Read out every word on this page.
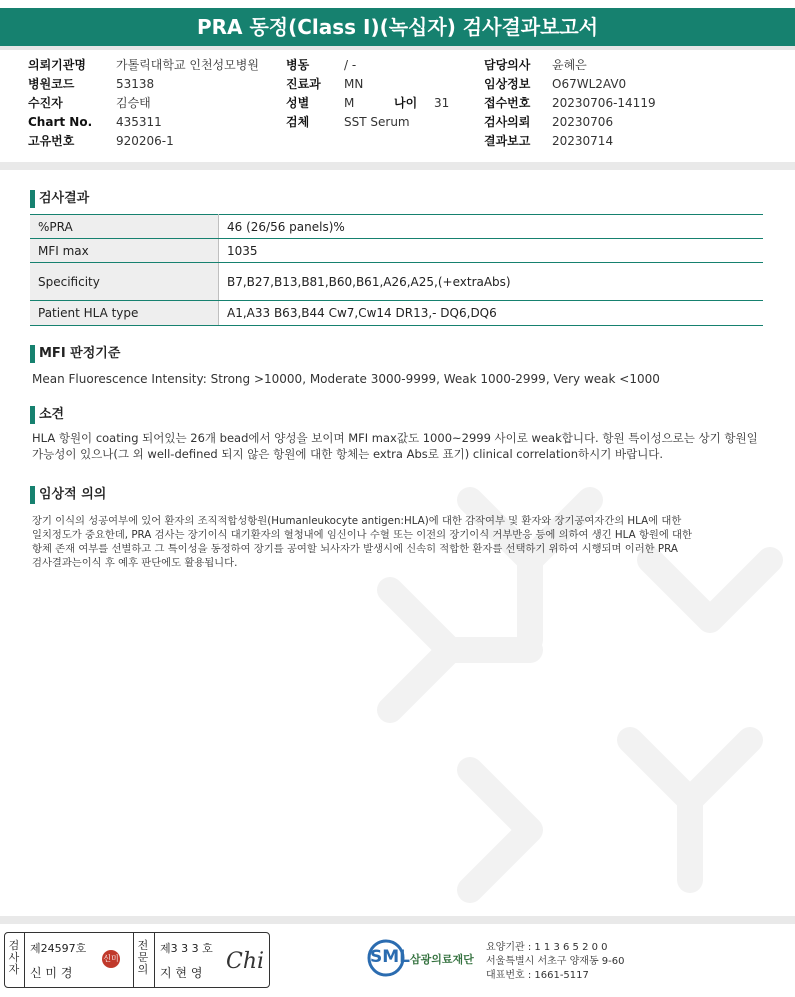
PRA 동정(Class I)(녹십자) 검사결과보고서
의뢰기관명	가톨릭대학교 인천성모병원
병원코드	53138
수진자	김승태
Chart No. 435311
고유번호	920206-1
병동	/ -
진료과 MN
성별	M	나이 31
검체	SST Serum
담당의사 윤혜은
임상정보 O67WL2AV0
접수번호 20230706-14119
검사의뢰 20230706
결과보고 20230714
검사결과
%PRA	46 (26/56 panels)%
MFI max	1035
Specificity	B7,B27,B13,B81,B60,B61,A26,A25,(+extraAbs)
Patient HLA type	A1,A33 B63,B44 Cw7,Cw14 DR13,- DQ6,DQ6
MFI 판정기준
Mean Fluorescence Intensity: Strong >10000, Moderate 3000-9999, Weak 1000-2999, Very weak <1000
소견
HLA 항원이 coating 되어있는 26개 bead에서 양성을 보이며 MFI max값도 1000~2999 사이로 weak합니다. 항원 특이성으로는 상기 항원일 가능성이 있으나(그 외 well-defined 되지 않은 항원에 대한 항체는 extra Abs로 표기) clinical correlation하시기 바랍니다.
임상적 의의
장기 이식의 성공여부에 있어 환자의 조직적합성항원(Humanleukocyte antigen:HLA)에 대한 감작여부 및 환자와 장기공여자간의 HLA에 대한
일치정도가 중요한데, PRA 검사는 장기이식 대기환자의 혈청내에 임신이나 수혈 또는 이전의 장기이식 거부반응 등에 의하여 생긴 HLA 항원에 대한
항체 존재 여부를 선별하고 그 특이성을 동정하여 장기를 공여할 뇌사자가 발생시에 신속히 적합한 환자를 선택하기 위하여 시행되며 이러한 PRA
검사결과는이식 후 예후 판단에도 활용됩니다.
검사자
제24597호
신 미 경
신미경
전문의
제3 3 3 호
지 현 영 Chi	SML 삼광의료재단
요양기관 : 1 1 3 6 5 2 0 0
서울특별시 서초구 양재동 9-60
대표번호 : 1661-5117
